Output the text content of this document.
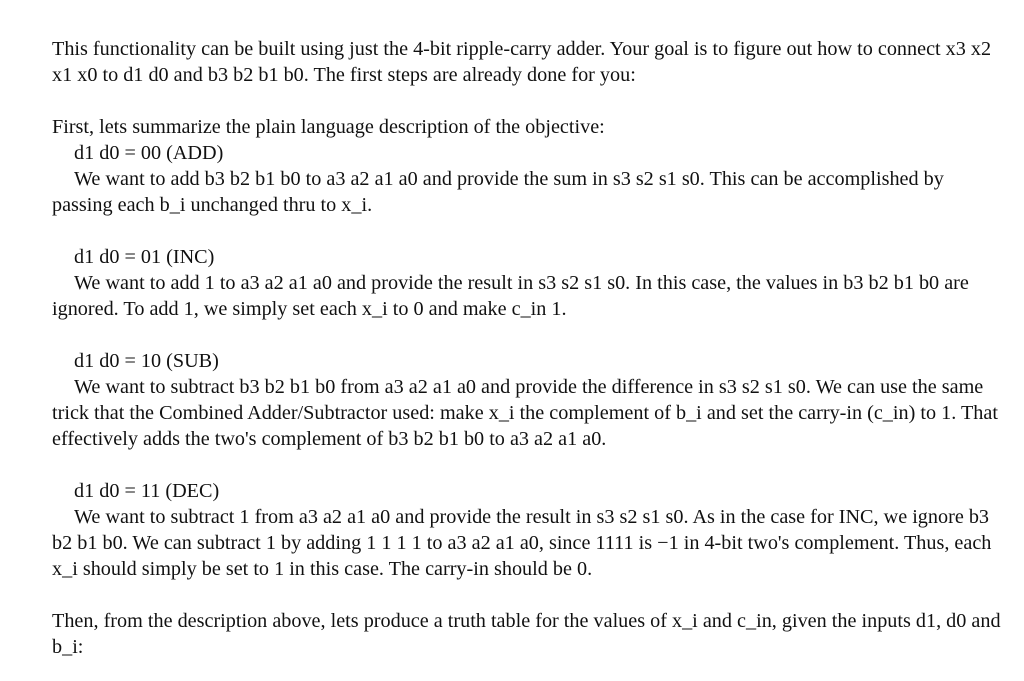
This functionality can be built using just the 4-bit ripple-carry adder. Your goal is to figure out how to connect x3 x2 x1 x0 to d1 d0 and b3 b2 b1 b0. The first steps are already done for you:

First, lets summarize the plain language description of the objective:

d1 d0 = 00 (ADD)

We want to add b3 b2 b1 b0 to a3 a2 a1 a0 and provide the sum in s3 s2 s1 s0. This can be accomplished by passing each b_i unchanged thru to x_i.

d1 d0 = 01 (INC)

We want to add 1 to a3 a2 a1 a0 and provide the result in s3 s2 s1 s0. In this case, the values in b3 b2 b1 b0 are ignored. To add 1, we simply set each x_i to 0 and make c_in 1.

d1 d0 = 10 (SUB)

We want to subtract b3 b2 b1 b0 from a3 a2 a1 a0 and provide the difference in s3 s2 s1 s0. We can use the same trick that the Combined Adder/Subtractor used: make x_i the complement of b_i and set the carry-in (c_in) to 1. That effectively adds the two's complement of b3 b2 b1 b0 to a3 a2 a1 a0.

d1 d0 = 11 (DEC)

We want to subtract 1 from a3 a2 a1 a0 and provide the result in s3 s2 s1 s0. As in the case for INC, we ignore b3 b2 b1 b0. We can subtract 1 by adding 1 1 1 1 to a3 a2 a1 a0, since 1111 is −1 in 4-bit two's complement. Thus, each x_i should simply be set to 1 in this case. The carry-in should be 0.

Then, from the description above, lets produce a truth table for the values of x_i and c_in, given the inputs d1, d0 and b_i:
